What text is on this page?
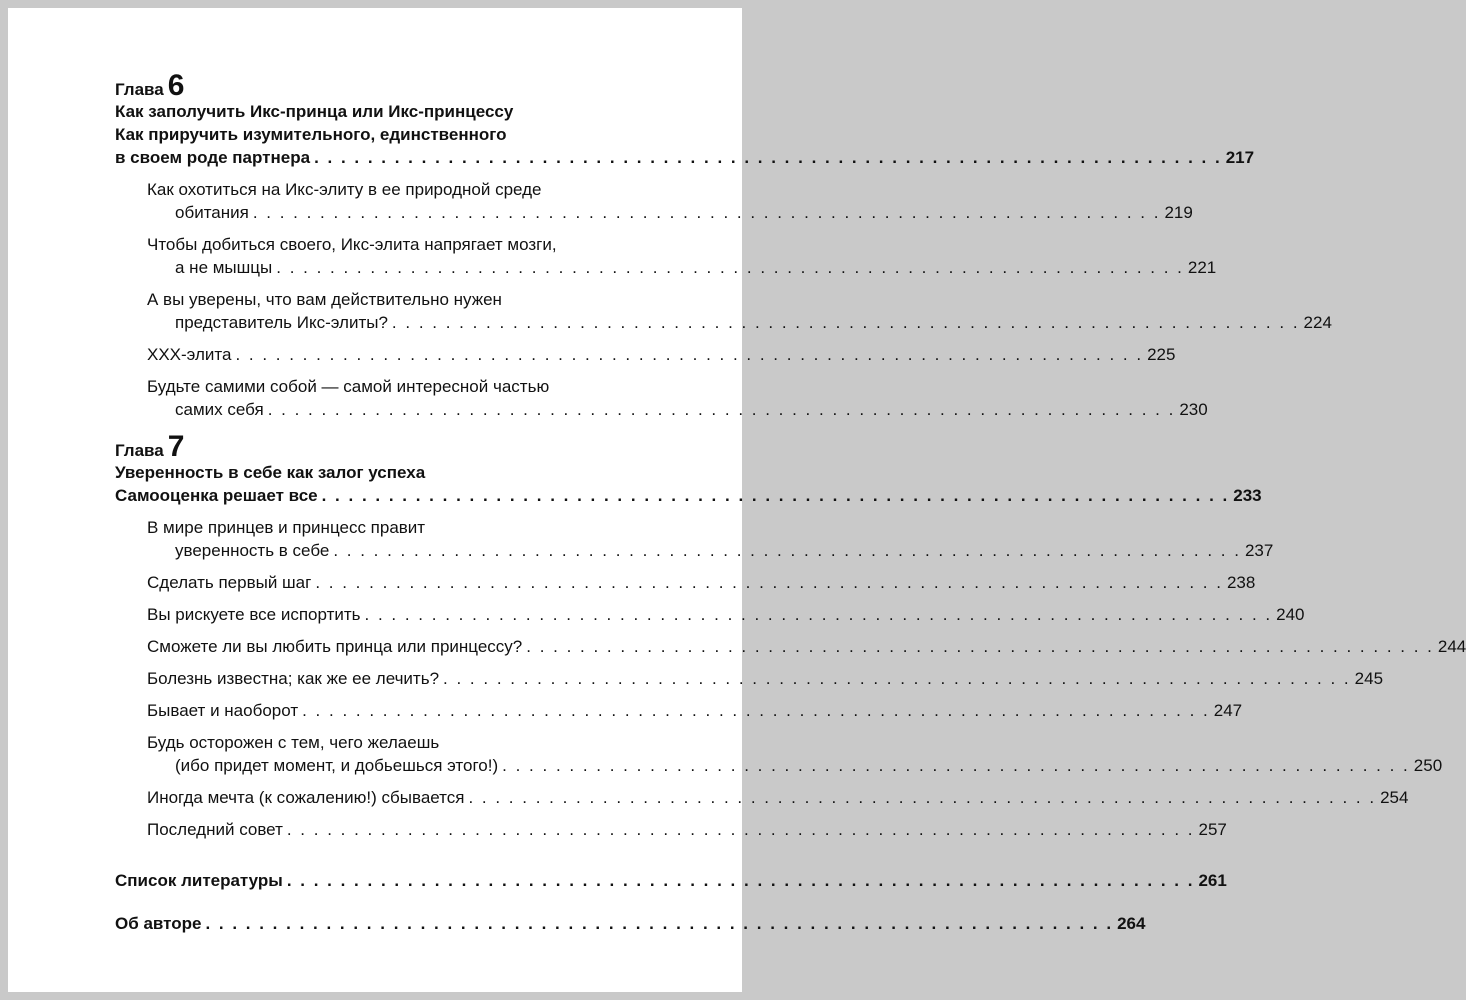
Глава 6
Как заполучить Икс-принца или Икс-принцессу
Как приручить изумительного, единственного
в своем роде партнера . . . . . . . . . . . . . . . . . . . . . . . . . . . . . . . . . . . . . . . . . . . . . . . . . . . . . . . . . . . . . . . . . . . . 217
Как охотиться на Икс-элиту в ее природной среде
обитания . . . . . . . . . . . . . . . . . . . . . . . . . . . . . . . . . . . . . . . . . . . . . . . . . . . . . . . . . . . . . . . . . . . . 219
Чтобы добиться своего, Икс-элита напрягает мозги,
а не мышцы . . . . . . . . . . . . . . . . . . . . . . . . . . . . . . . . . . . . . . . . . . . . . . . . . . . . . . . . . . . . . . . . . . . . 221
А вы уверены, что вам действительно нужен
представитель Икс-элиты? . . . . . . . . . . . . . . . . . . . . . . . . . . . . . . . . . . . . . . . . . . . . . . . . . . . . . . . . . . . . . . . . . . . . 224
XXX-элита . . . . . . . . . . . . . . . . . . . . . . . . . . . . . . . . . . . . . . . . . . . . . . . . . . . . . . . . . . . . . . . . . . . . 225
Будьте самими собой — самой интересной частью
самих себя . . . . . . . . . . . . . . . . . . . . . . . . . . . . . . . . . . . . . . . . . . . . . . . . . . . . . . . . . . . . . . . . . . . . 230
Глава 7
Уверенность в себе как залог успеха
Самооценка решает все . . . . . . . . . . . . . . . . . . . . . . . . . . . . . . . . . . . . . . . . . . . . . . . . . . . . . . . . . . . . . . . . . . . . 233
В мире принцев и принцесс правит
уверенность в себе . . . . . . . . . . . . . . . . . . . . . . . . . . . . . . . . . . . . . . . . . . . . . . . . . . . . . . . . . . . . . . . . . . . . 237
Сделать первый шаг . . . . . . . . . . . . . . . . . . . . . . . . . . . . . . . . . . . . . . . . . . . . . . . . . . . . . . . . . . . . . . . . . . . . 238
Вы рискуете все испортить . . . . . . . . . . . . . . . . . . . . . . . . . . . . . . . . . . . . . . . . . . . . . . . . . . . . . . . . . . . . . . . . . . . . 240
Сможете ли вы любить принца или принцессу? . . . . . . . . . . . . . . . . . . . . . . . . . . . . . . . . . . . . . . . . . . . . . . . . . . . . . . . . . . . . . . . . . . . . 244
Болезнь известна; как же ее лечить? . . . . . . . . . . . . . . . . . . . . . . . . . . . . . . . . . . . . . . . . . . . . . . . . . . . . . . . . . . . . . . . . . . . . 245
Бывает и наоборот . . . . . . . . . . . . . . . . . . . . . . . . . . . . . . . . . . . . . . . . . . . . . . . . . . . . . . . . . . . . . . . . . . . . 247
Будь осторожен с тем, чего желаешь
(ибо придет момент, и добьешься этого!) . . . . . . . . . . . . . . . . . . . . . . . . . . . . . . . . . . . . . . . . . . . . . . . . . . . . . . . . . . . . . . . . . . . . 250
Иногда мечта (к сожалению!) сбывается . . . . . . . . . . . . . . . . . . . . . . . . . . . . . . . . . . . . . . . . . . . . . . . . . . . . . . . . . . . . . . . . . . . . 254
Последний совет . . . . . . . . . . . . . . . . . . . . . . . . . . . . . . . . . . . . . . . . . . . . . . . . . . . . . . . . . . . . . . . . . . . . 257
Список литературы . . . . . . . . . . . . . . . . . . . . . . . . . . . . . . . . . . . . . . . . . . . . . . . . . . . . . . . . . . . . . . . . . . . . 261
Об авторе . . . . . . . . . . . . . . . . . . . . . . . . . . . . . . . . . . . . . . . . . . . . . . . . . . . . . . . . . . . . . . . . . . . . 264
